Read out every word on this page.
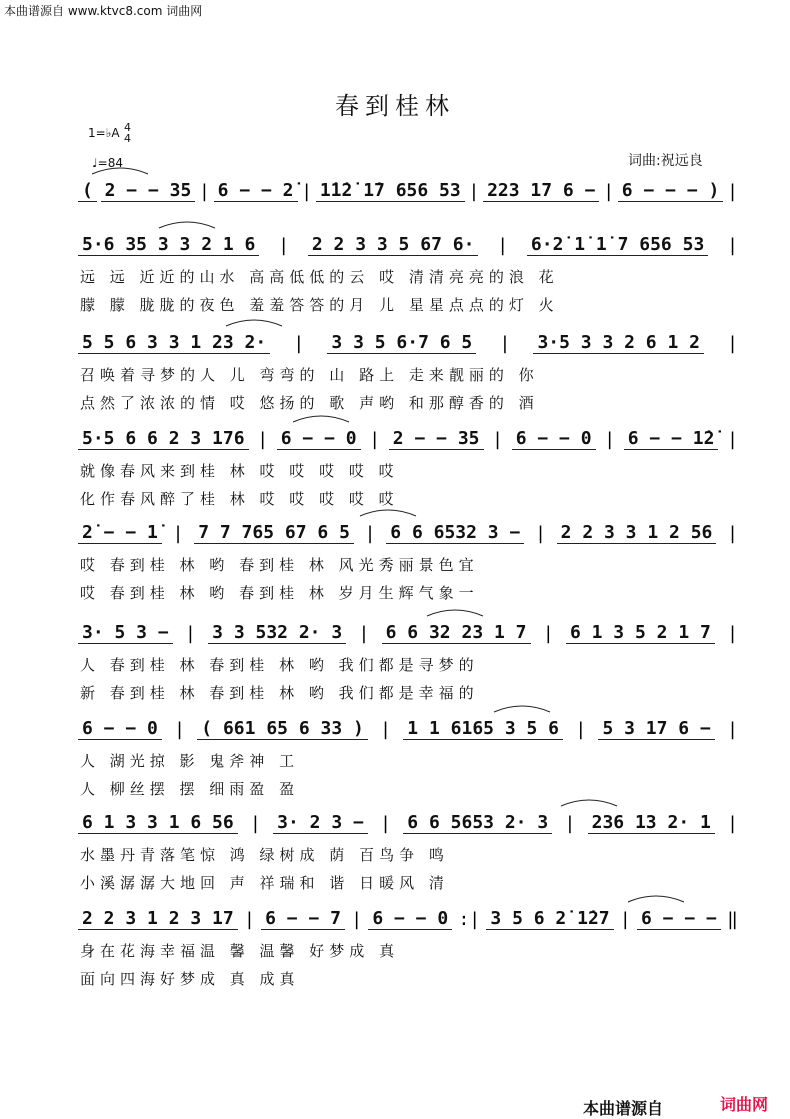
本曲谱源自 www.ktvc8.com 词曲网
春到桂林
1=♭A 4
4
♩=84	词曲:祝远良
( 2 − − 35 | 6 − − 2̇ | 1̇1̇2̇ 1̇7 656 53 | 223 17 6 − | 6 − − − ) |
5·6 35 3 3 2 1 6 | 2 2 3 3 5 67 6· | 6·2̇ 1̇ 1̇ 7 656 53 |
远 远 近近的山水 高高低低的云 哎 清清亮亮的浪 花
朦 朦 胧胧的夜色 羞羞答答的月 儿 星星点点的灯 火
5 5 6 3 3 1 23 2· | 3 3 5 6·7 6 5 | 3·5 3 3 2 6 1 2 |
召唤着寻梦的人 儿 弯弯的 山 路上 走来靓丽的 你
点然了浓浓的情 哎 悠扬的 歌 声哟 和那醇香的 酒
5·5 6 6 2 3 176 | 6 − − 0 | 2 − − 35 | 6 − − 0 | 6 − − 1̇2̇ |
就像春风来到桂 林 哎 哎 哎 哎 哎
化作春风醉了桂 林 哎 哎 哎 哎 哎
2̇ − − 1̇ | 7 7 765 67 6 5 | 6 6 6532 3 − | 2 2 3 3 1 2 56 |
哎 春到桂 林 哟 春到桂 林 风光秀丽景色宜
哎 春到桂 林 哟 春到桂 林 岁月生辉气象一
3· 5 3 − | 3 3 532 2· 3 | 6 6 32 23 1 7 | 6 1 3 5 2 1 7 |
人 春到桂 林 春到桂 林 哟 我们都是寻梦的
新 春到桂 林 春到桂 林 哟 我们都是幸福的
6 − − 0 | ( 661 65 6 33 ) | 1 1 6165 3 5 6 | 5 3 17 6 − |
人 湖光掠 影 鬼斧神 工
人 柳丝摆 摆 细雨盈 盈
6 1 3 3 1 6 56 | 3· 2 3 − | 6 6 5653 2· 3 | 236 13 2· 1 |
水墨丹青落笔惊 鸿 绿树成 荫 百鸟争 鸣
小溪潺潺大地回 声 祥瑞和 谐 日暖风 清
2 2 3 1 2 3 17 | 6 − − 7 | 6 − − 0 :| 3 5 6 2̇ 1̇27 | 6 − − − ‖
身在花海幸福温 馨 温馨 好梦成 真
面向四海好梦成 真 成真
本曲谱源自	词曲网
